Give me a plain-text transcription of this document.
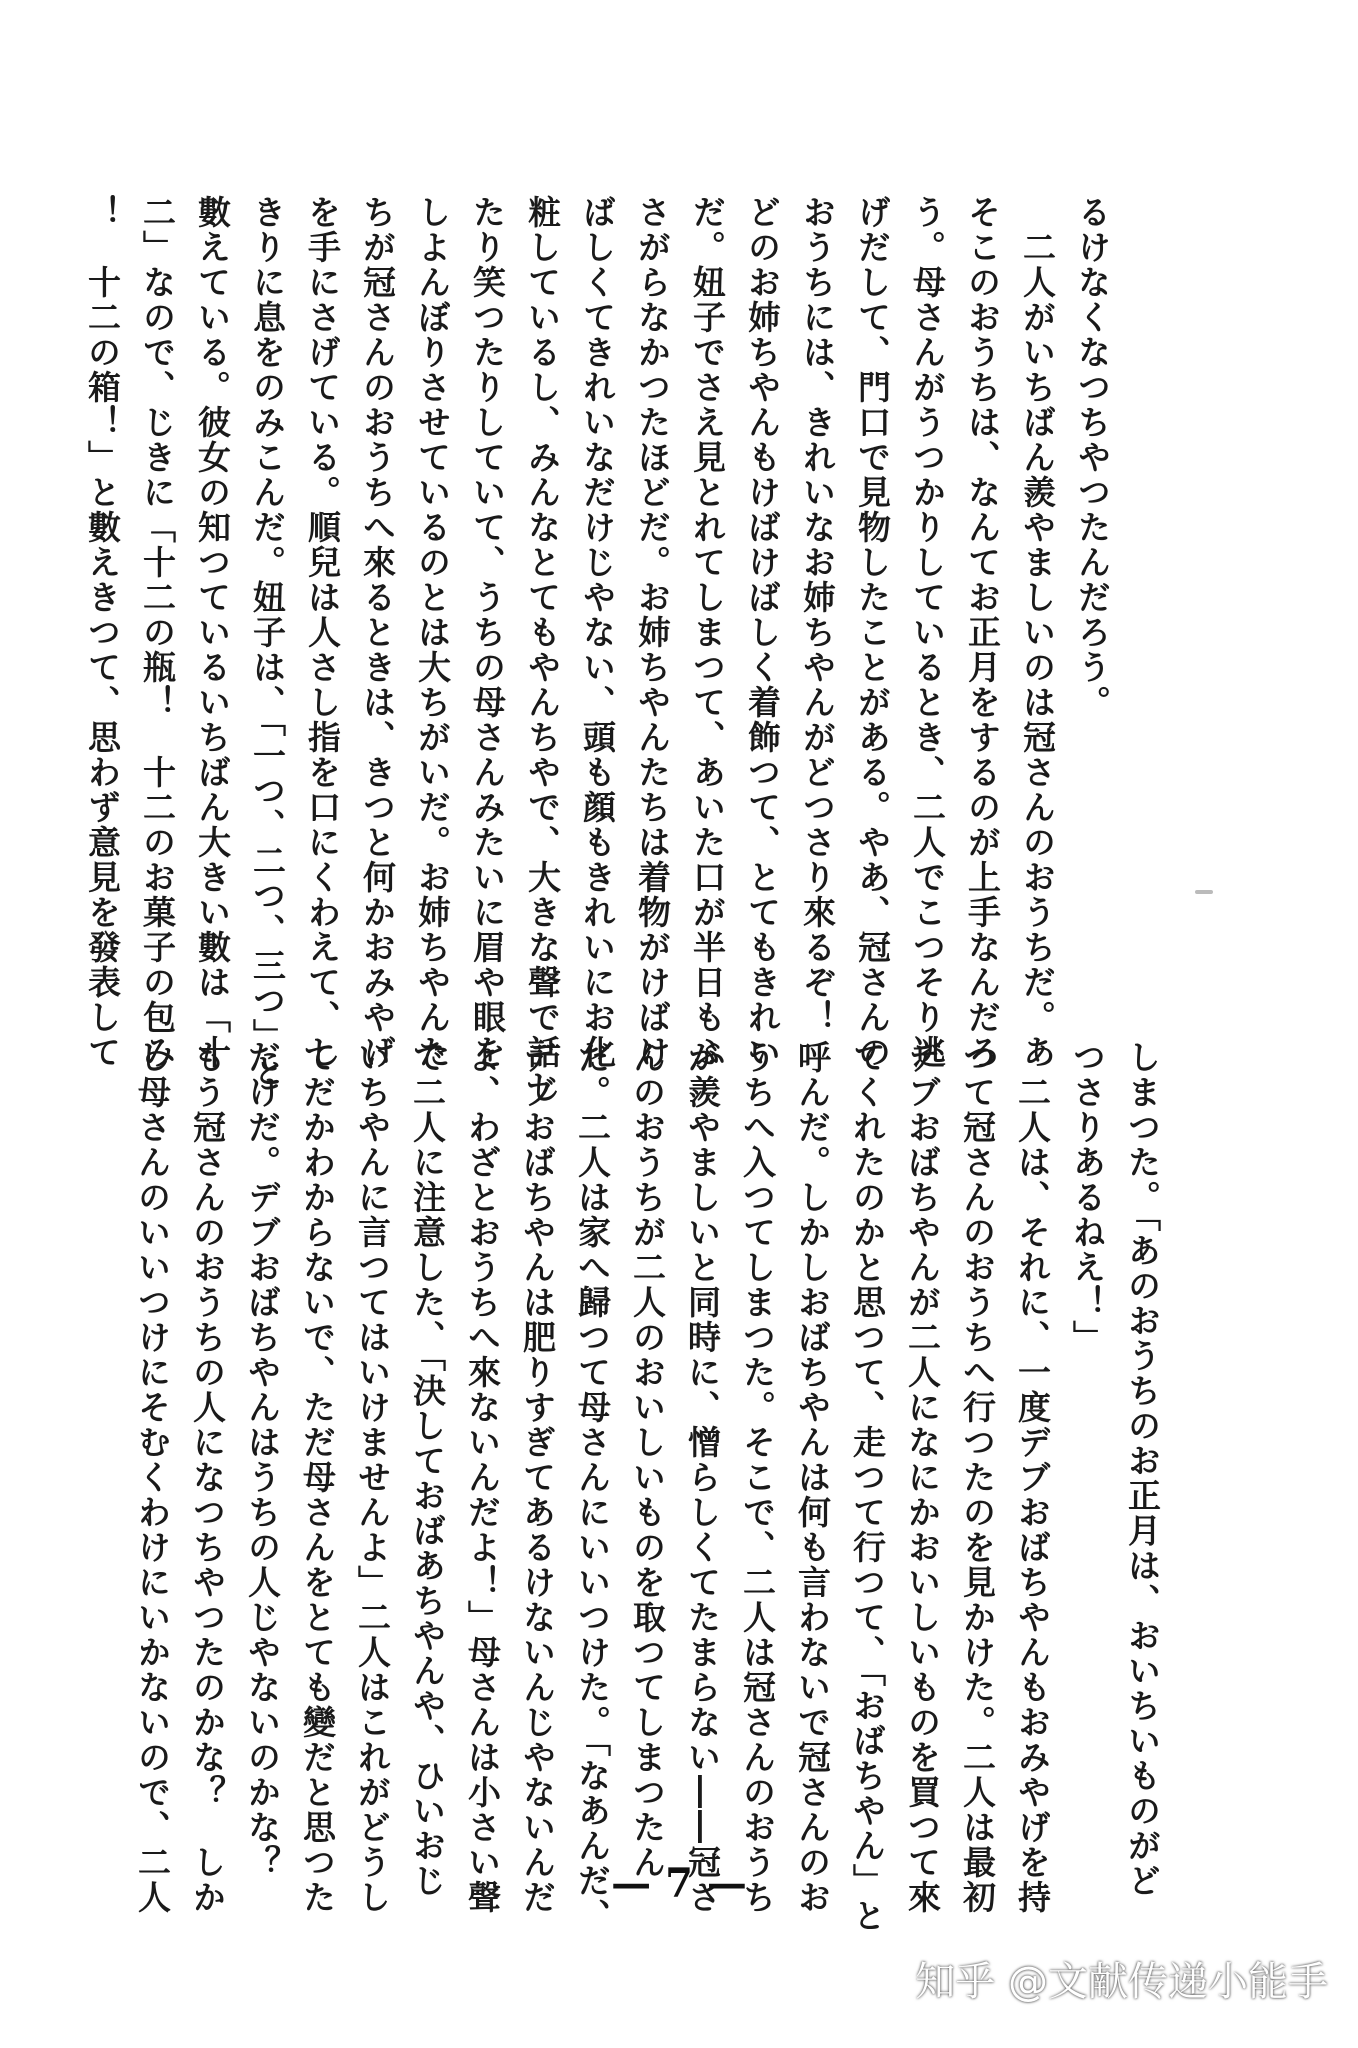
るけなくなつちやつたんだろう。
　二人がいちばん羨やましいのは冠さんのおうちだ。あ
そこのおうちは、なんてお正月をするのが上手なんだろ
う。母さんがうつかりしているとき、二人でこつそり逃
げだして、門口で見物したことがある。やあ、冠さんの
おうちには、きれいなお姉ちやんがどつさり來るぞ！
どのお姉ちやんもけばけばしく着飾つて、とてもきれい
だ。妞子でさえ見とれてしまつて、あいた口が半日もふ
さがらなかつたほどだ。お姉ちやんたちは着物がけばけ
ばしくてきれいなだけじやない、頭も顔もきれいにお化
粧しているし、みんなとてもやんちやで、大きな聲で話し
たり笑つたりしていて、うちの母さんみたいに眉や眼を
しよんぼりさせているのとは大ちがいだ。お姉ちやんた
ちが冠さんのおうちへ來るときは、きつと何かおみやげ
を手にさげている。順兒は人さし指を口にくわえて、し
きりに息をのみこんだ。妞子は、「一つ、二つ、三つ」と
數えている。彼女の知つているいちばん大きい數は「十
二」なので、じきに「十二の瓶！　十二のお菓子の包み
！　十二の箱！」と數えきつて、思わず意見を發表して
しまつた。「あのおうちのお正月は、おいちいものがど
つさりあるねえ！」
　二人は、それに、一度デブおばちやんもおみやげを持
つて冠さんのおうちへ行つたのを見かけた。二人は最初
デブおばちやんが二人になにかおいしいものを買つて來
てくれたのかと思つて、走つて行つて、「おばちやん」と
呼んだ。しかしおばちやんは何も言わないで冠さんのお
うちへ入つてしまつた。そこで、二人は冠さんのおうち
が羨やましいと同時に、憎らしくてたまらない――冠さ
んのおうちが二人のおいしいものを取つてしまつたん
だ。二人は家へ歸つて母さんにいいつけた。「なあんだ、
デブおばちやんは肥りすぎてあるけないんじやないんだ
よ、わざとおうちへ來ないんだよ！」母さんは小さい聲
で二人に注意した、「決しておばあちやんや、ひいおじ
いちやんに言つてはいけませんよ」二人はこれがどうし
てだかわからないで、ただ母さんをとても變だと思つた
だけだ。デブおばちやんはうちの人じやないのかな？
もう冠さんのおうちの人になつちやつたのかな？　しか
し母さんのいいつけにそむくわけにいかないので、二人	— 7 —
知乎 @文献传递小能手
